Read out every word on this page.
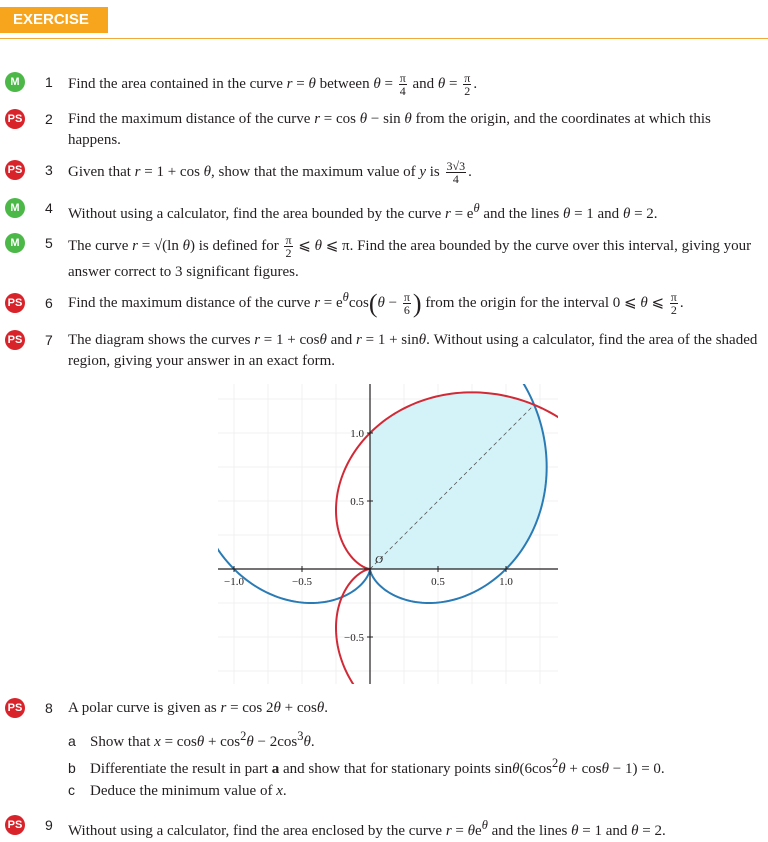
EXERCISE 5B
M	1 Find the area contained in the curve r = θ between $\theta = \frac{\pi}{4}$ and $\theta = \frac{\pi}{2}$ .
PS 2 Find the maximum distance of the curve r = cos θ − sin θ from the origin, and the coordinates at which this happens.
PS 3 Given that r = 1 + cos θ, show that the maximum value of y is $\frac{3√3}{4}$ .
M	4 Without using a calculator, find the area bounded by the curve $r = e^\theta$ and the lines θ = 1 and θ = 2.
M	5 The curve r = √(ln θ) is defined for $\frac{\pi}{2}$ ⩽ θ ⩽ π. Find the area bounded by the curve over this interval, giving your answer correct to 3 significant figures.
PS 6 Find the maximum distance of the curve $r = e^\theta\cos(\theta - \frac{\pi}{6}$ ) from the origin for the interval 0 ⩽ θ ⩽ $\frac{\pi}{2}$ .
PS 7 The diagram shows the curves r = 1 + cosθ and r = 1 + sinθ. Without using a calculator, find the area of the shaded region, giving your answer in an exact form.
−1.0	−0.5	0.5	1.0
1.0
0.5
−0.5
O
PS 8 A polar curve is given as r = cos 2θ + cosθ.
a Show that $x = \cos\theta + \cos^2\theta - 2\cos^3\theta$.
b Differentiate the result in part a and show that for stationary points $\sin\theta(6\cos^2\theta + \cos\theta - 1) = 0$.
c Deduce the minimum value of x.
PS 9 Without using a calculator, find the area enclosed by the curve $r = \theta e^\theta$ and the lines θ = 1 and θ = 2.
